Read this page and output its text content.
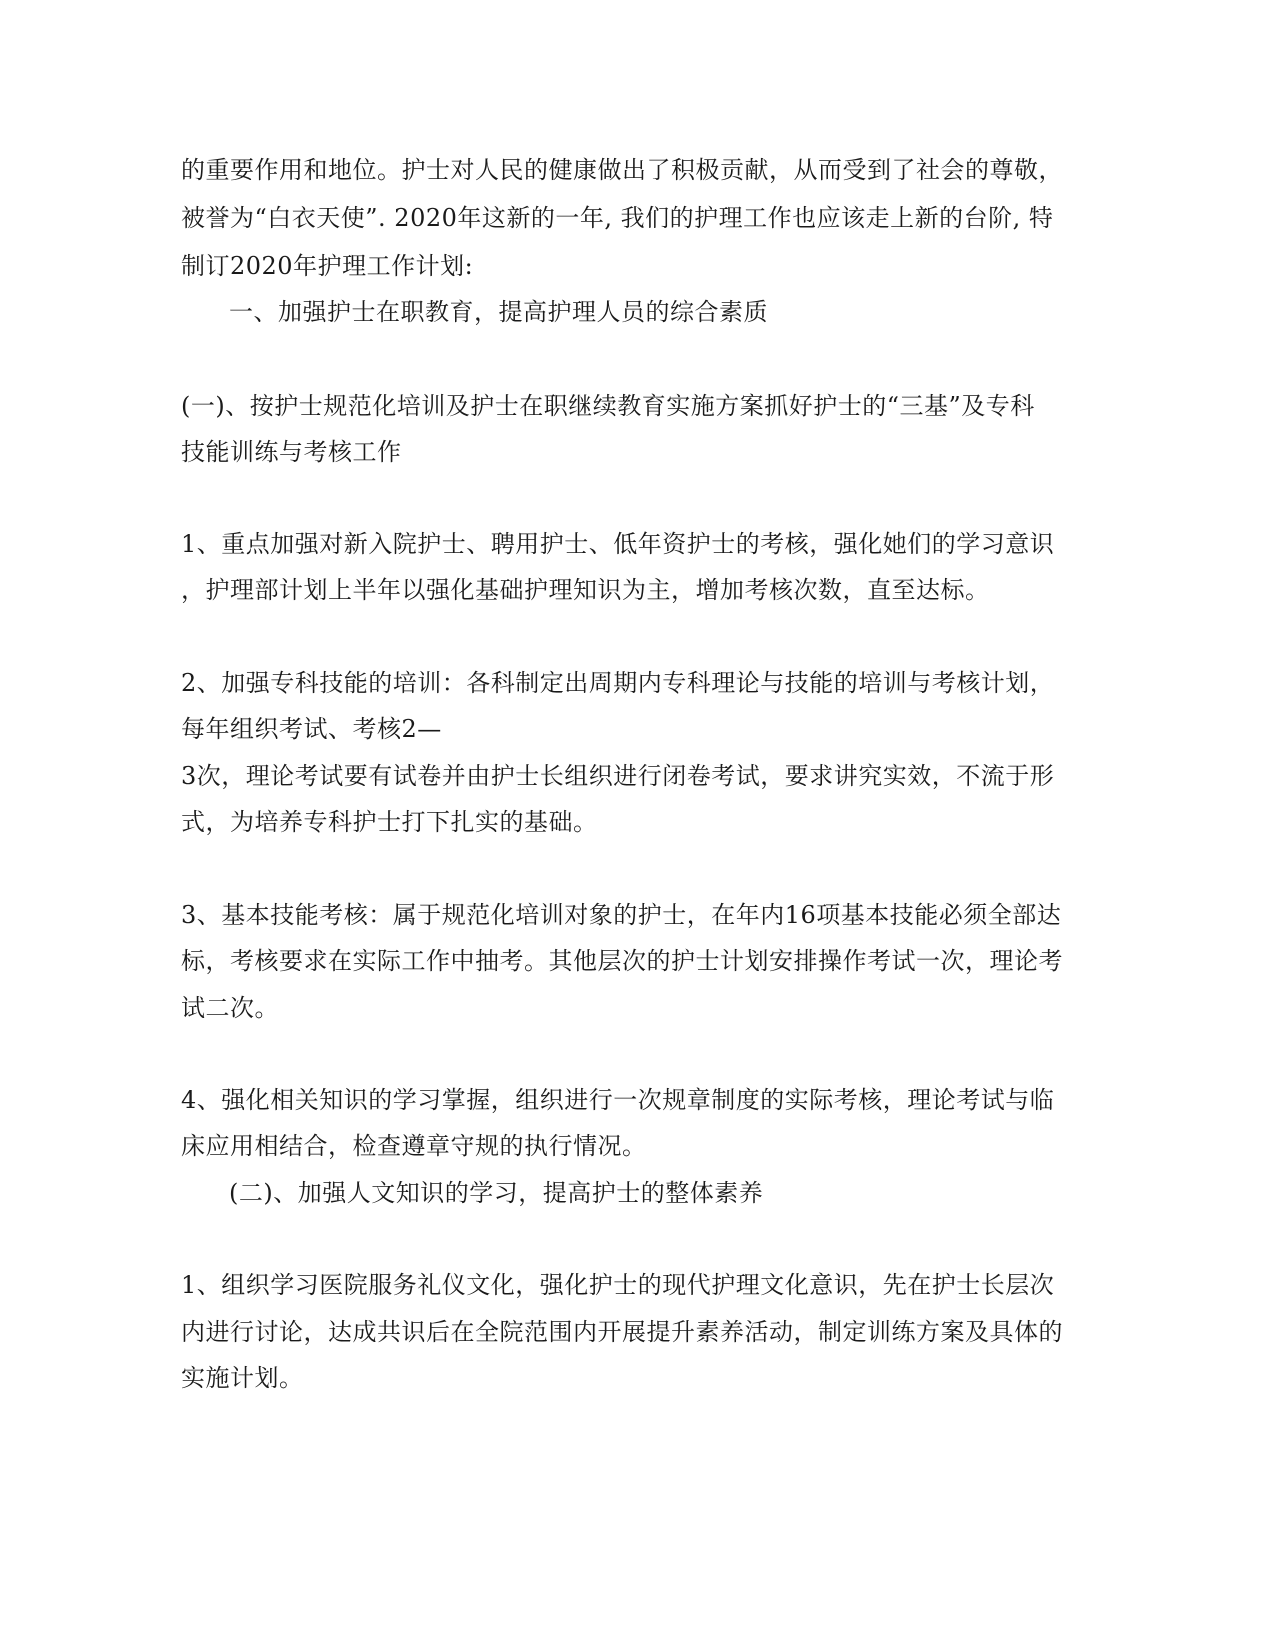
的重要作用和地位。护士对人民的健康做出了积极贡献，从而受到了社会的尊敬，
被誉为“白衣天使”. 2020年这新的一年, 我们的护理工作也应该走上新的台阶, 特
制订2020年护理工作计划:
一、加强护士在职教育，提高护理人员的综合素质
(一)、按护士规范化培训及护士在职继续教育实施方案抓好护士的“三基”及专科
技能训练与考核工作
1、重点加强对新入院护士、聘用护士、低年资护士的考核，强化她们的学习意识
，护理部计划上半年以强化基础护理知识为主，增加考核次数，直至达标。
2、加强专科技能的培训：各科制定出周期内专科理论与技能的培训与考核计划，
每年组织考试、考核2—
3次，理论考试要有试卷并由护士长组织进行闭卷考试，要求讲究实效，不流于形
式，为培养专科护士打下扎实的基础。
3、基本技能考核：属于规范化培训对象的护士，在年内16项基本技能必须全部达
标，考核要求在实际工作中抽考。其他层次的护士计划安排操作考试一次，理论考
试二次。
4、强化相关知识的学习掌握，组织进行一次规章制度的实际考核，理论考试与临
床应用相结合，检查遵章守规的执行情况。
(二)、加强人文知识的学习，提高护士的整体素养
1、组织学习医院服务礼仪文化，强化护士的现代护理文化意识，先在护士长层次
内进行讨论，达成共识后在全院范围内开展提升素养活动，制定训练方案及具体的
实施计划。
